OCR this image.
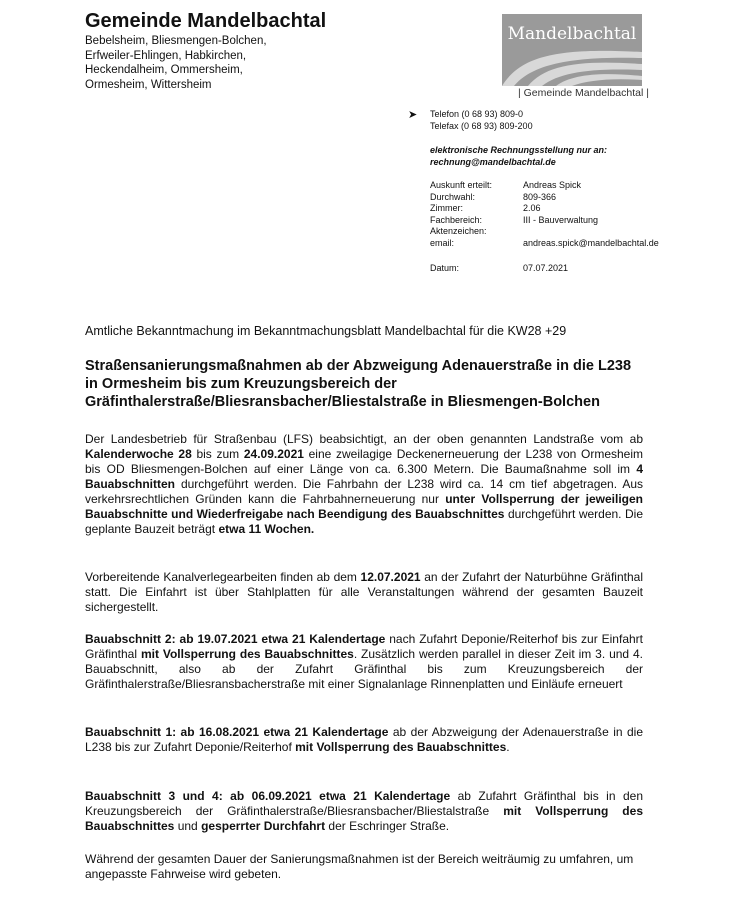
Gemeinde Mandelbachtal
Bebelsheim, Bliesmengen-Bolchen,
Erfweiler-Ehlingen, Habkirchen,
Heckendalheim, Ommersheim,
Ormesheim, Wittersheim
Mandelbachtal
| Gemeinde Mandelbachtal |
➤ Telefon (0 68 93) 809-0
Telefax (0 68 93) 809-200
elektronische Rechnungsstellung nur an:
rechnung@mandelbachtal.de
Auskunft erteilt:	Andreas Spick
Durchwahl:	809-366
Zimmer:	2.06
Fachbereich:	III - Bauverwaltung
Aktenzeichen:
email:	andreas.spick@mandelbachtal.de
Datum:	07.07.2021
Amtliche Bekanntmachung im Bekanntmachungsblatt Mandelbachtal für die KW28 +29
Straßensanierungsmaßnahmen ab der Abzweigung Adenauerstraße in die L238 in Ormesheim bis zum Kreuzungsbereich der Gräfinthalerstraße/Bliesransbacher/Bliestalstraße in Bliesmengen-Bolchen
Der Landesbetrieb für Straßenbau (LFS) beabsichtigt, an der oben genannten Landstraße vom ab Kalenderwoche 28 bis zum 24.09.2021 eine zweilagige Deckenerneuerung der L238 von Ormesheim bis OD Bliesmengen-Bolchen auf einer Länge von ca. 6.300 Metern. Die Baumaßnahme soll im 4 Bauabschnitten durchgeführt werden. Die Fahrbahn der L238 wird ca. 14 cm tief abgetragen. Aus verkehrsrechtlichen Gründen kann die Fahrbahnerneuerung nur unter Vollsperrung der jeweiligen Bauabschnitte und Wiederfreigabe nach Beendigung des Bauabschnittes durchgeführt werden. Die geplante Bauzeit beträgt etwa 11 Wochen.
Vorbereitende Kanalverlegearbeiten finden ab dem 12.07.2021 an der Zufahrt der Naturbühne Gräfinthal statt. Die Einfahrt ist über Stahlplatten für alle Veranstaltungen während der gesamten Bauzeit sichergestellt.
Bauabschnitt 2: ab 19.07.2021 etwa 21 Kalendertage nach Zufahrt Deponie/Reiterhof bis zur Einfahrt Gräfinthal mit Vollsperrung des Bauabschnittes. Zusätzlich werden parallel in dieser Zeit im 3. und 4. Bauabschnitt, also ab der Zufahrt Gräfinthal bis zum Kreuzungsbereich der Gräfinthalerstraße/Bliesransbacherstraße mit einer Signalanlage Rinnenplatten und Einläufe erneuert
Bauabschnitt 1: ab 16.08.2021 etwa 21 Kalendertage ab der Abzweigung der Adenauerstraße in die L238 bis zur Zufahrt Deponie/Reiterhof mit Vollsperrung des Bauabschnittes.
Bauabschnitt 3 und 4: ab 06.09.2021 etwa 21 Kalendertage ab Zufahrt Gräfinthal bis in den Kreuzungsbereich der Gräfinthalerstraße/Bliesransbacher/Bliestalstraße mit Vollsperrung des Bauabschnittes und gesperrter Durchfahrt der Eschringer Straße.
Während der gesamten Dauer der Sanierungsmaßnahmen ist der Bereich weiträumig zu umfahren, um angepasste Fahrweise wird gebeten.
